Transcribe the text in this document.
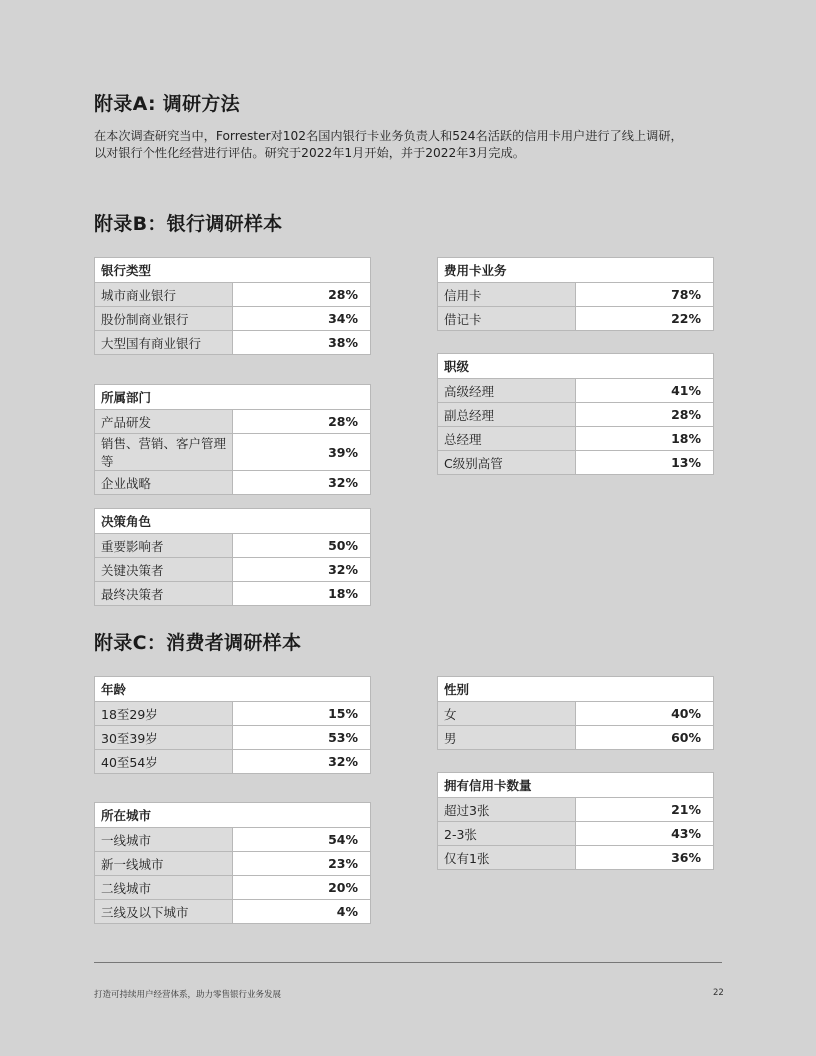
附录A: 调研方法

在本次调查研究当中，Forrester对102名国内银行卡业务负责人和524名活跃的信用卡用户进行了线上调研，以对银行个性化经营进行评估。研究于2022年1月开始，并于2022年3月完成。

附录B：银行调研样本
银行类型	
城市商业银行	28%
股份制商业银行	34%
大型国有商业银行	38%
所属部门	
产品研发	28%
销售、营销、客户管理等	39%
企业战略	32%
决策角色	
重要影响者	50%
关键决策者	32%
最终决策者	18%
费用卡业务	
信用卡	78%
借记卡	22%
职级	
高级经理	41%
副总经理	28%
总经理	18%
C级别高管	13%
附录C：消费者调研样本
年龄	
18至29岁	15%
30至39岁	53%
40至54岁	32%
所在城市	
一线城市	54%
新一线城市	23%
二线城市	20%
三线及以下城市	4%
性别	
女	40%
男	60%
拥有信用卡数量	
超过3张	21%
2-3张	43%
仅有1张	36%

打造可持续用户经营体系，助力零售银行业务发展	22
